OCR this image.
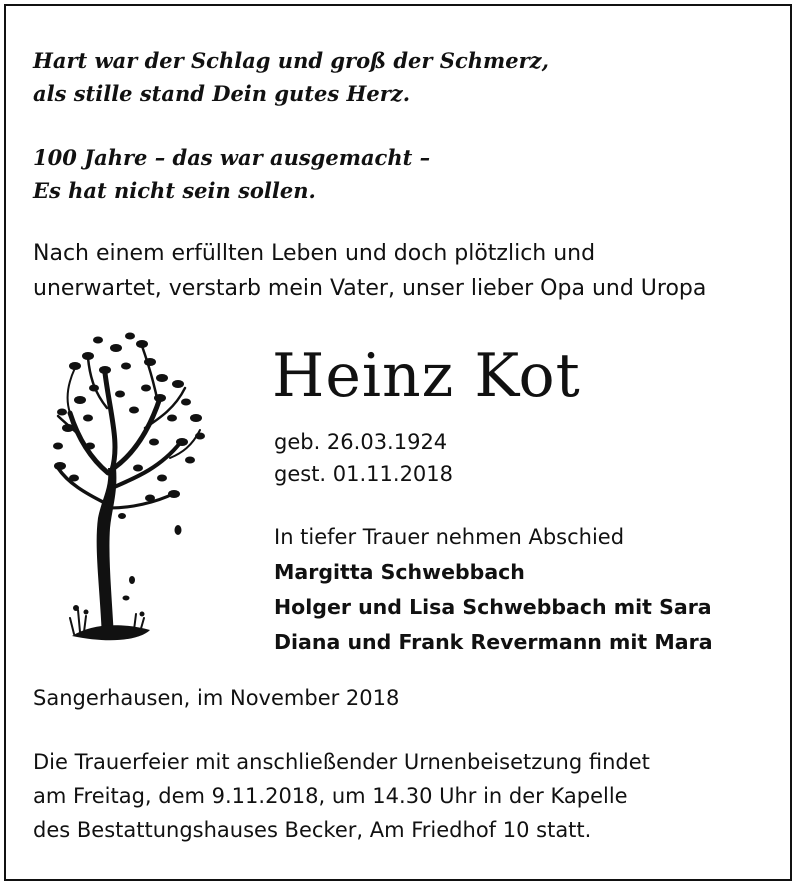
Hart war der Schlag und groß der Schmerz,
als stille stand Dein gutes Herz.

100 Jahre – das war ausgemacht –
Es hat nicht sein sollen.

Nach einem erfüllten Leben und doch plötzlich und
unerwartet, verstarb mein Vater, unser lieber Opa und Uropa

Heinz Kot

geb. 26.03.1924
gest. 01.11.2018

In tiefer Trauer nehmen Abschied
Margitta Schwebbach
Holger und Lisa Schwebbach mit Sara
Diana und Frank Revermann mit Mara

Sangerhausen, im November 2018

Die Trauerfeier mit anschließender Urnenbeisetzung findet
am Freitag, dem 9.11.2018, um 14.30 Uhr in der Kapelle
des Bestattungshauses Becker, Am Friedhof 10 statt.
